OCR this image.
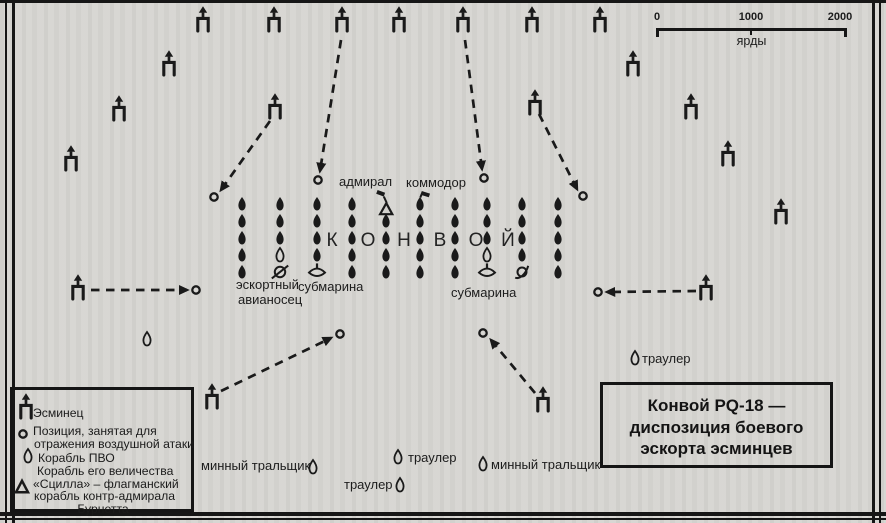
К О Н В О Й
0	1000	2000
ярды
адмирал коммодор
эскортный
авианосец
субмарина	субмарина
минный тральщик	минный тральщик
траулер
траулер
траулер
Эсминец
Позиция, занятая для
отражения воздушной атаки
Корабль ПВО
Корабль его величества
«Сцилла» – флагманский
корабль контр-адмирала
Бурнетта
Конвой PQ-18 —
диспозиция боевого
эскорта эсминцев
